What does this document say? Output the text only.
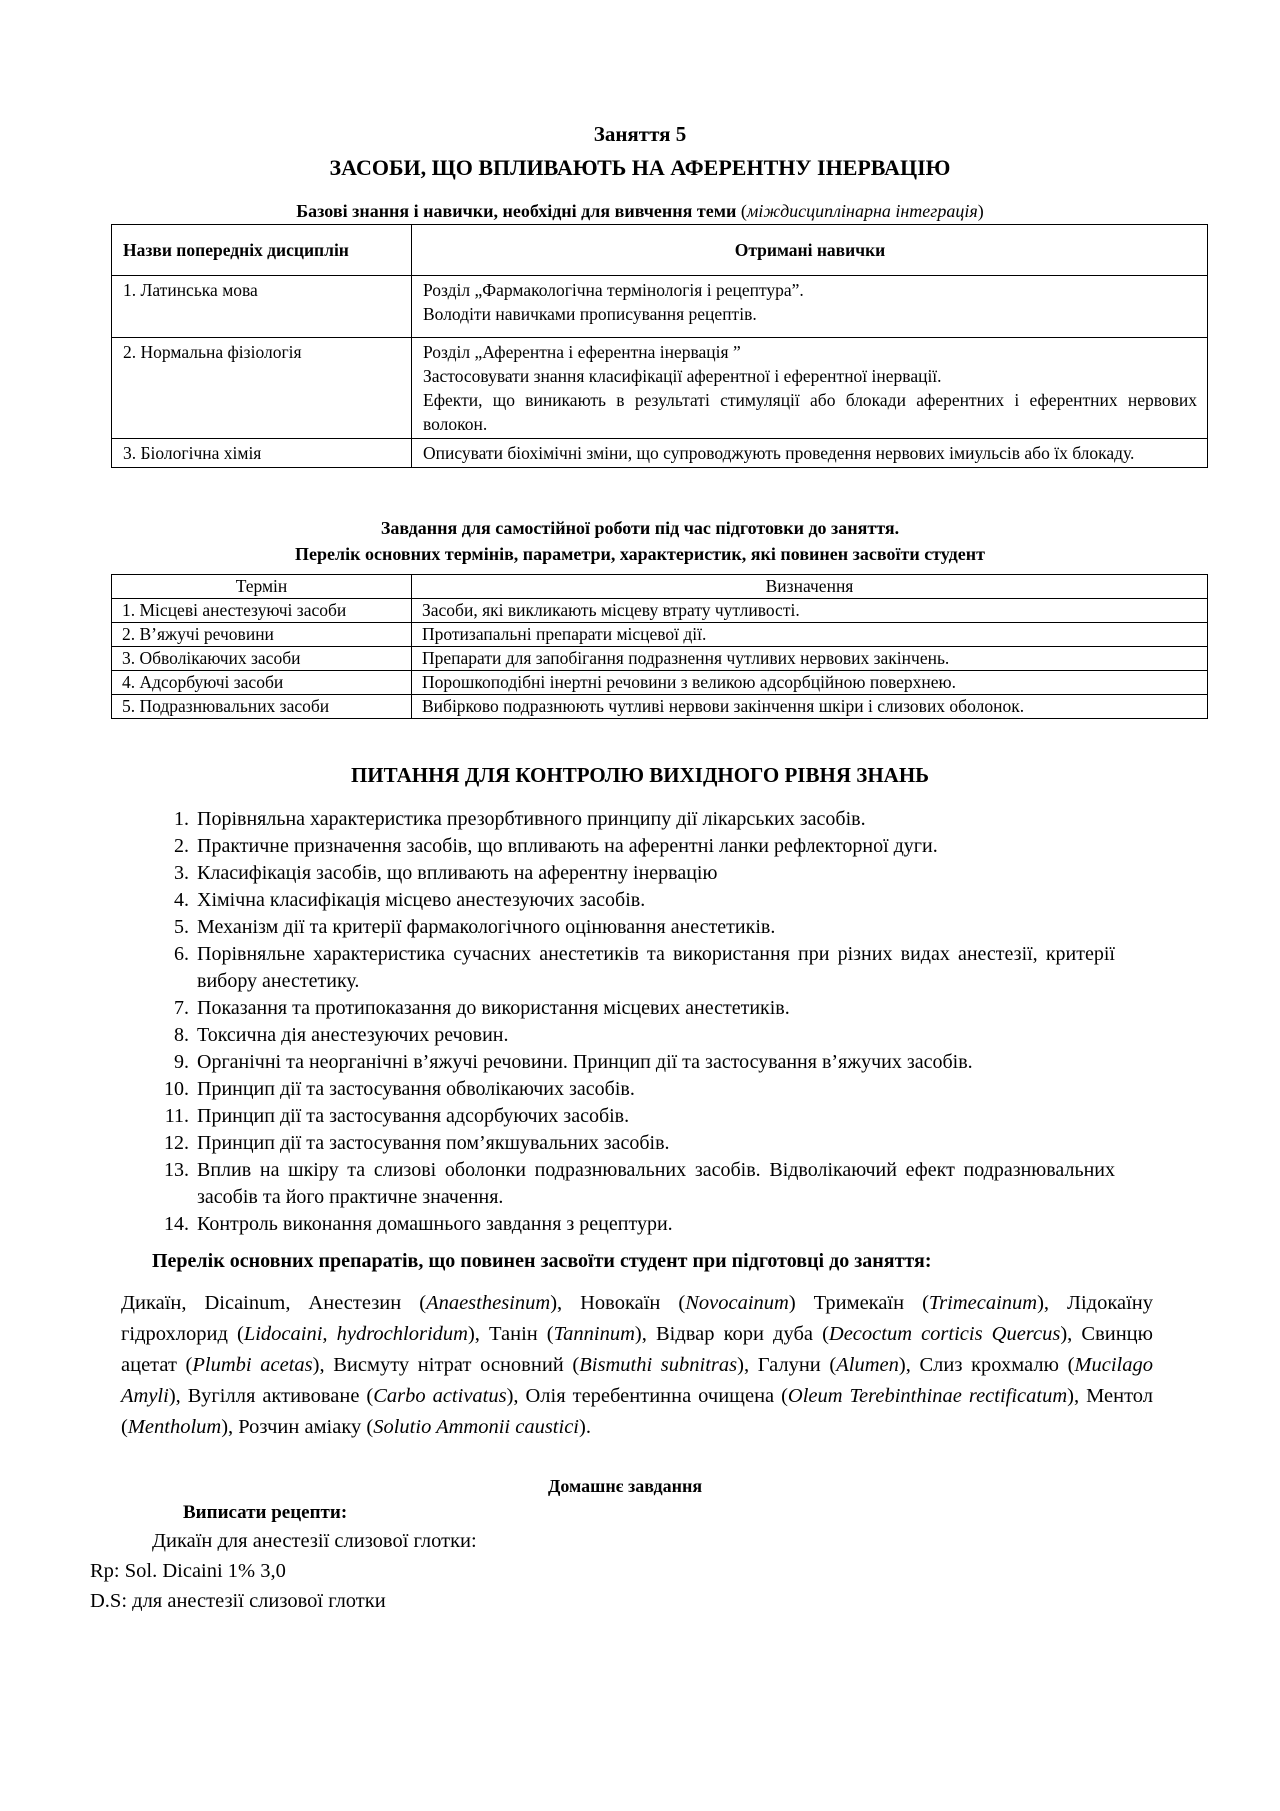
Заняття 5
ЗАСОБИ, ЩО ВПЛИВАЮТЬ НА АФЕРЕНТНУ ІНЕРВАЦІЮ
Базові знання і навички, необхідні для вивчення теми (міждисциплінарна інтеграція)
Назви попередніх дисциплін	Отримані навички
1. Латинська мова	Розділ „Фармакологічна термінологія і рецептура”.
Володіти навичками прописування рецептів.

2. Нормальна фізіологія	Розділ „Аферентна і еферентна інервація ”
Застосовувати знання класифікації аферентної і еферентної інервації.
Ефекти, що виникають в результаті стимуляції або блокади аферентних і еферентних нервових волокон.

3. Біологічна хімія	Описувати біохімічні зміни, що супроводжують проведення нервових імиульсів або їх блокаду.
Завдання для самостійної роботи під час підготовки до заняття.
Перелік основних термінів, параметри, характеристик, які повинен засвоїти студент
Термін	Визначення
1. Місцеві анестезуючі засоби	Засоби, які викликають місцеву втрату чутливості.
2. В’яжучі речовини	Протизапальні препарати місцевої дії.
3. Обволікаючих засоби	Препарати для запобігання подразнення чутливих нервових закінчень.
4. Адсорбуючі засоби	Порошкоподібні інертні речовини з великою адсорбційною поверхнею.
5. Подразнювальних засоби	Вибірково подразнюють чутливі нервови закінчення шкіри і слизових оболонок.
ПИТАННЯ ДЛЯ КОНТРОЛЮ ВИХІДНОГО РІВНЯ ЗНАНЬ
1. Порівняльна характеристика презорбтивного принципу дії лікарських засобів.
2. Практичне призначення засобів, що впливають на аферентні ланки рефлекторної дуги.
3. Класифікація засобів, що впливають на аферентну інервацію
4. Хімічна класифікація місцево анестезуючих засобів.
5. Механізм дії та критерії фармакологічного оцінювання анестетиків.
6. Порівняльне характеристика сучасних анестетиків та використання при різних видах анестезії, критерії вибору анестетику.
7. Показання та протипоказання до використання місцевих анестетиків.
8. Токсична дія анестезуючих речовин.
9. Органічні та неорганічні в’яжучі речовини. Принцип дії та застосування в’яжучих засобів.
10. Принцип дії та застосування обволікаючих засобів.
11. Принцип дії та застосування адсорбуючих засобів.
12. Принцип дії та застосування пом’якшувальних засобів.
13. Вплив на шкіру та слизові оболонки подразнювальних засобів. Відволікаючий ефект подразнювальних засобів та його практичне значення.
14. Контроль виконання домашнього завдання з рецептури.
Перелік основних препаратів, що повинен засвоїти студент при підготовці до заняття:
Дикаїн, Dicainum, Анестезин (Anaesthesinum), Новокаїн (Novocainum) Тримекаїн (Trimecainum), Лідокаїну гідрохлорид (Lidocaini, hydrochloridum), Танін (Tanninum), Відвар кори дуба (Decoctum corticis Quercus), Свинцю ацетат (Plumbi acetas), Висмуту нітрат основний (Bismuthi subnitras), Галуни (Alumen), Слиз крохмалю (Mucilago Amyli), Вугілля активоване (Carbo activatus), Олія теребентинна очищена (Oleum Terebinthinae rectificatum), Ментол (Mentholum), Розчин аміаку (Solutio Ammonii caustici).
Домашнє завдання
Виписати рецепти:
Дикаїн для анестезії слизової глотки:
Rp: Sol. Dicaini 1% 3,0
D.S: для анестезії слизової глотки
